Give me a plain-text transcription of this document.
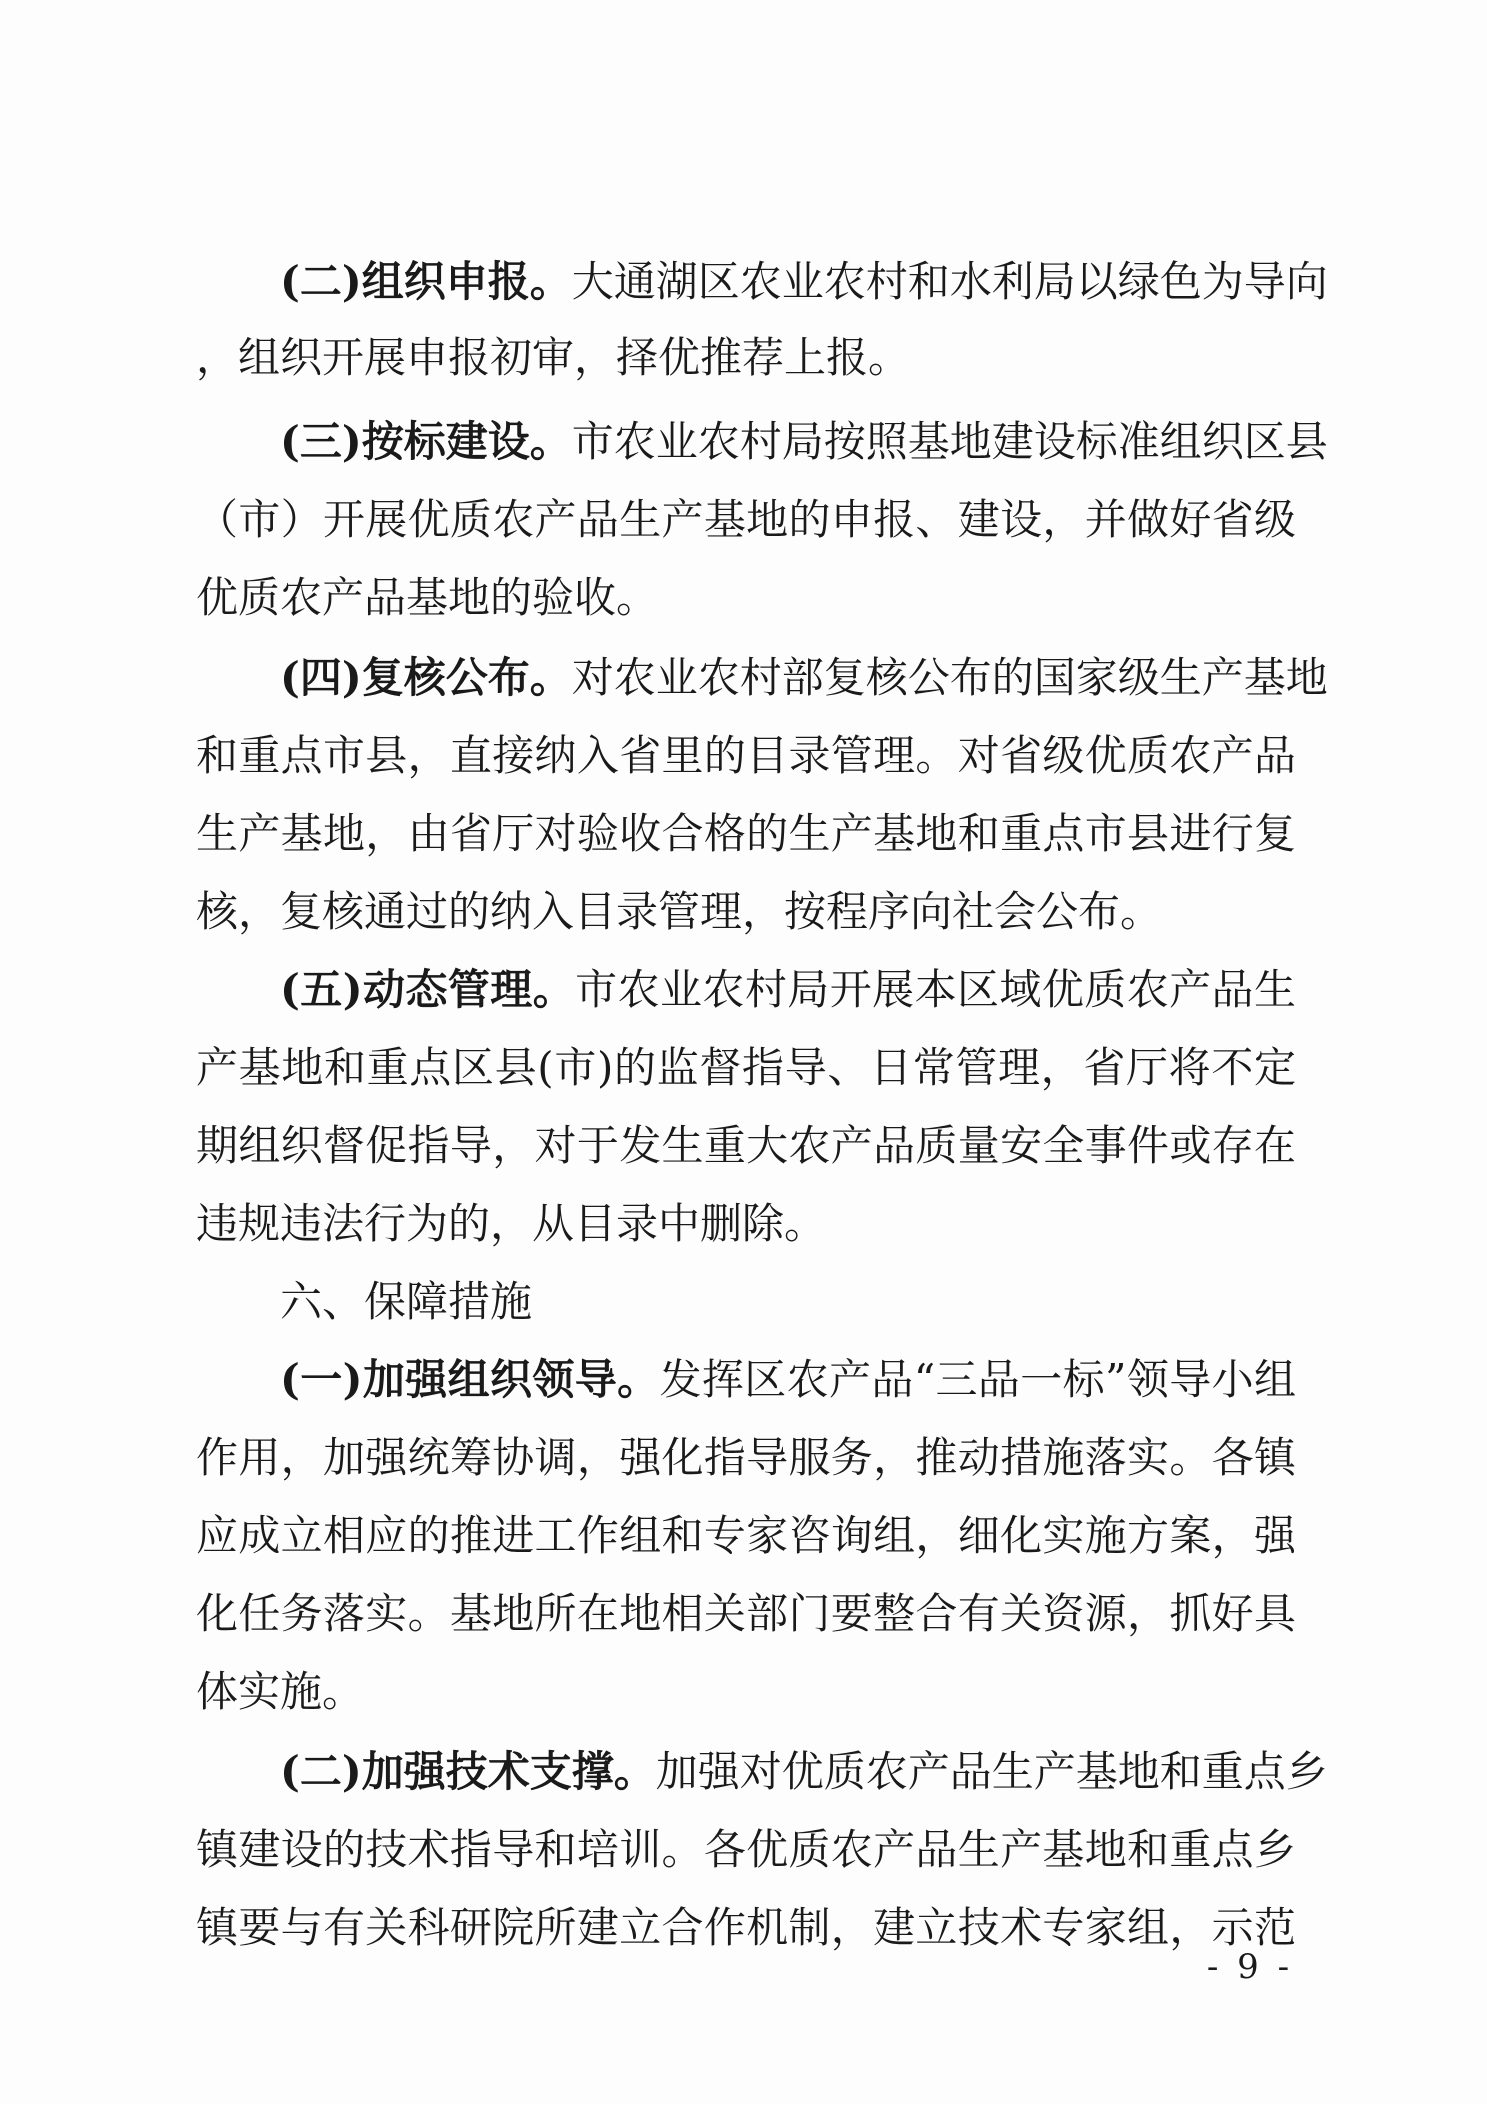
(二)组织申报。大通湖区农业农村和水利局以绿色为导向
，组织开展申报初审，择优推荐上报。
(三)按标建设。市农业农村局按照基地建设标准组织区县
（市）开展优质农产品生产基地的申报、建设，并做好省级
优质农产品基地的验收。
(四)复核公布。对农业农村部复核公布的国家级生产基地
和重点市县，直接纳入省里的目录管理。对省级优质农产品
生产基地，由省厅对验收合格的生产基地和重点市县进行复
核，复核通过的纳入目录管理，按程序向社会公布。
(五)动态管理。市农业农村局开展本区域优质农产品生
产基地和重点区县(市)的监督指导、日常管理，省厅将不定
期组织督促指导，对于发生重大农产品质量安全事件或存在
违规违法行为的，从目录中删除。
六、保障措施
(一)加强组织领导。发挥区农产品“三品一标”领导小组
作用，加强统筹协调，强化指导服务，推动措施落实。各镇
应成立相应的推进工作组和专家咨询组，细化实施方案，强
化任务落实。基地所在地相关部门要整合有关资源，抓好具
体实施。
(二)加强技术支撑。加强对优质农产品生产基地和重点乡
镇建设的技术指导和培训。各优质农产品生产基地和重点乡
镇要与有关科研院所建立合作机制，建立技术专家组，示范
- 9 -
